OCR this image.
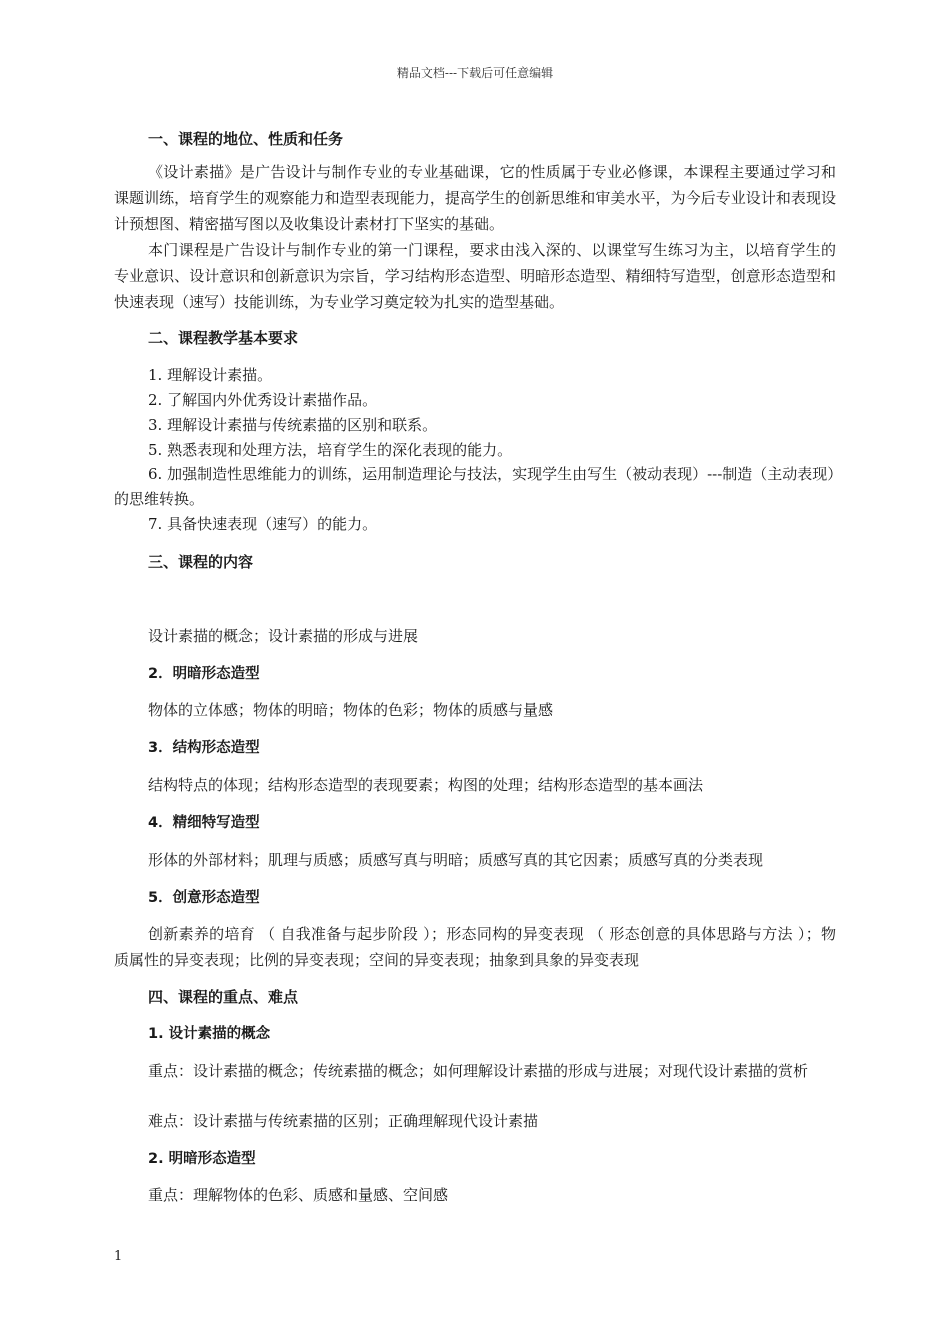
精品文档---下载后可任意编辑
一、课程的地位、性质和任务
《设计素描》是广告设计与制作专业的专业基础课，它的性质属于专业必修课，本课程主要通过学习和课题训练，培育学生的观察能力和造型表现能力，提高学生的创新思维和审美水平，为今后专业设计和表现设计预想图、精密描写图以及收集设计素材打下坚实的基础。
本门课程是广告设计与制作专业的第一门课程，要求由浅入深的、以课堂写生练习为主，以培育学生的专业意识、设计意识和创新意识为宗旨，学习结构形态造型、明暗形态造型、精细特写造型，创意形态造型和快速表现（速写）技能训练，为专业学习奠定较为扎实的造型基础。
二、课程教学基本要求
1. 理解设计素描。
2. 了解国内外优秀设计素描作品。
3. 理解设计素描与传统素描的区别和联系。
5. 熟悉表现和处理方法，培育学生的深化表现的能力。
6. 加强制造性思维能力的训练，运用制造理论与技法，实现学生由写生（被动表现）---制造（主动表现）的思维转换。
7. 具备快速表现（速写）的能力。
三、课程的内容
设计素描的概念；设计素描的形成与进展
2．明暗形态造型
物体的立体感；物体的明暗；物体的色彩；物体的质感与量感
3．结构形态造型
结构特点的体现；结构形态造型的表现要素；构图的处理；结构形态造型的基本画法
4．精细特写造型
形体的外部材料；肌理与质感；质感写真与明暗；质感写真的其它因素；质感写真的分类表现
5．创意形态造型
创新素养的培育 （ 自我准备与起步阶段 ）；形态同构的异变表现 （ 形态创意的具体思路与方法 ）；物质属性的异变表现；比例的异变表现；空间的异变表现；抽象到具象的异变表现
四、课程的重点、难点
1. 设计素描的概念
重点：设计素描的概念；传统素描的概念；如何理解设计素描的形成与进展；对现代设计素描的赏析
难点：设计素描与传统素描的区别；正确理解现代设计素描
2. 明暗形态造型
重点：理解物体的色彩、质感和量感、空间感
1
